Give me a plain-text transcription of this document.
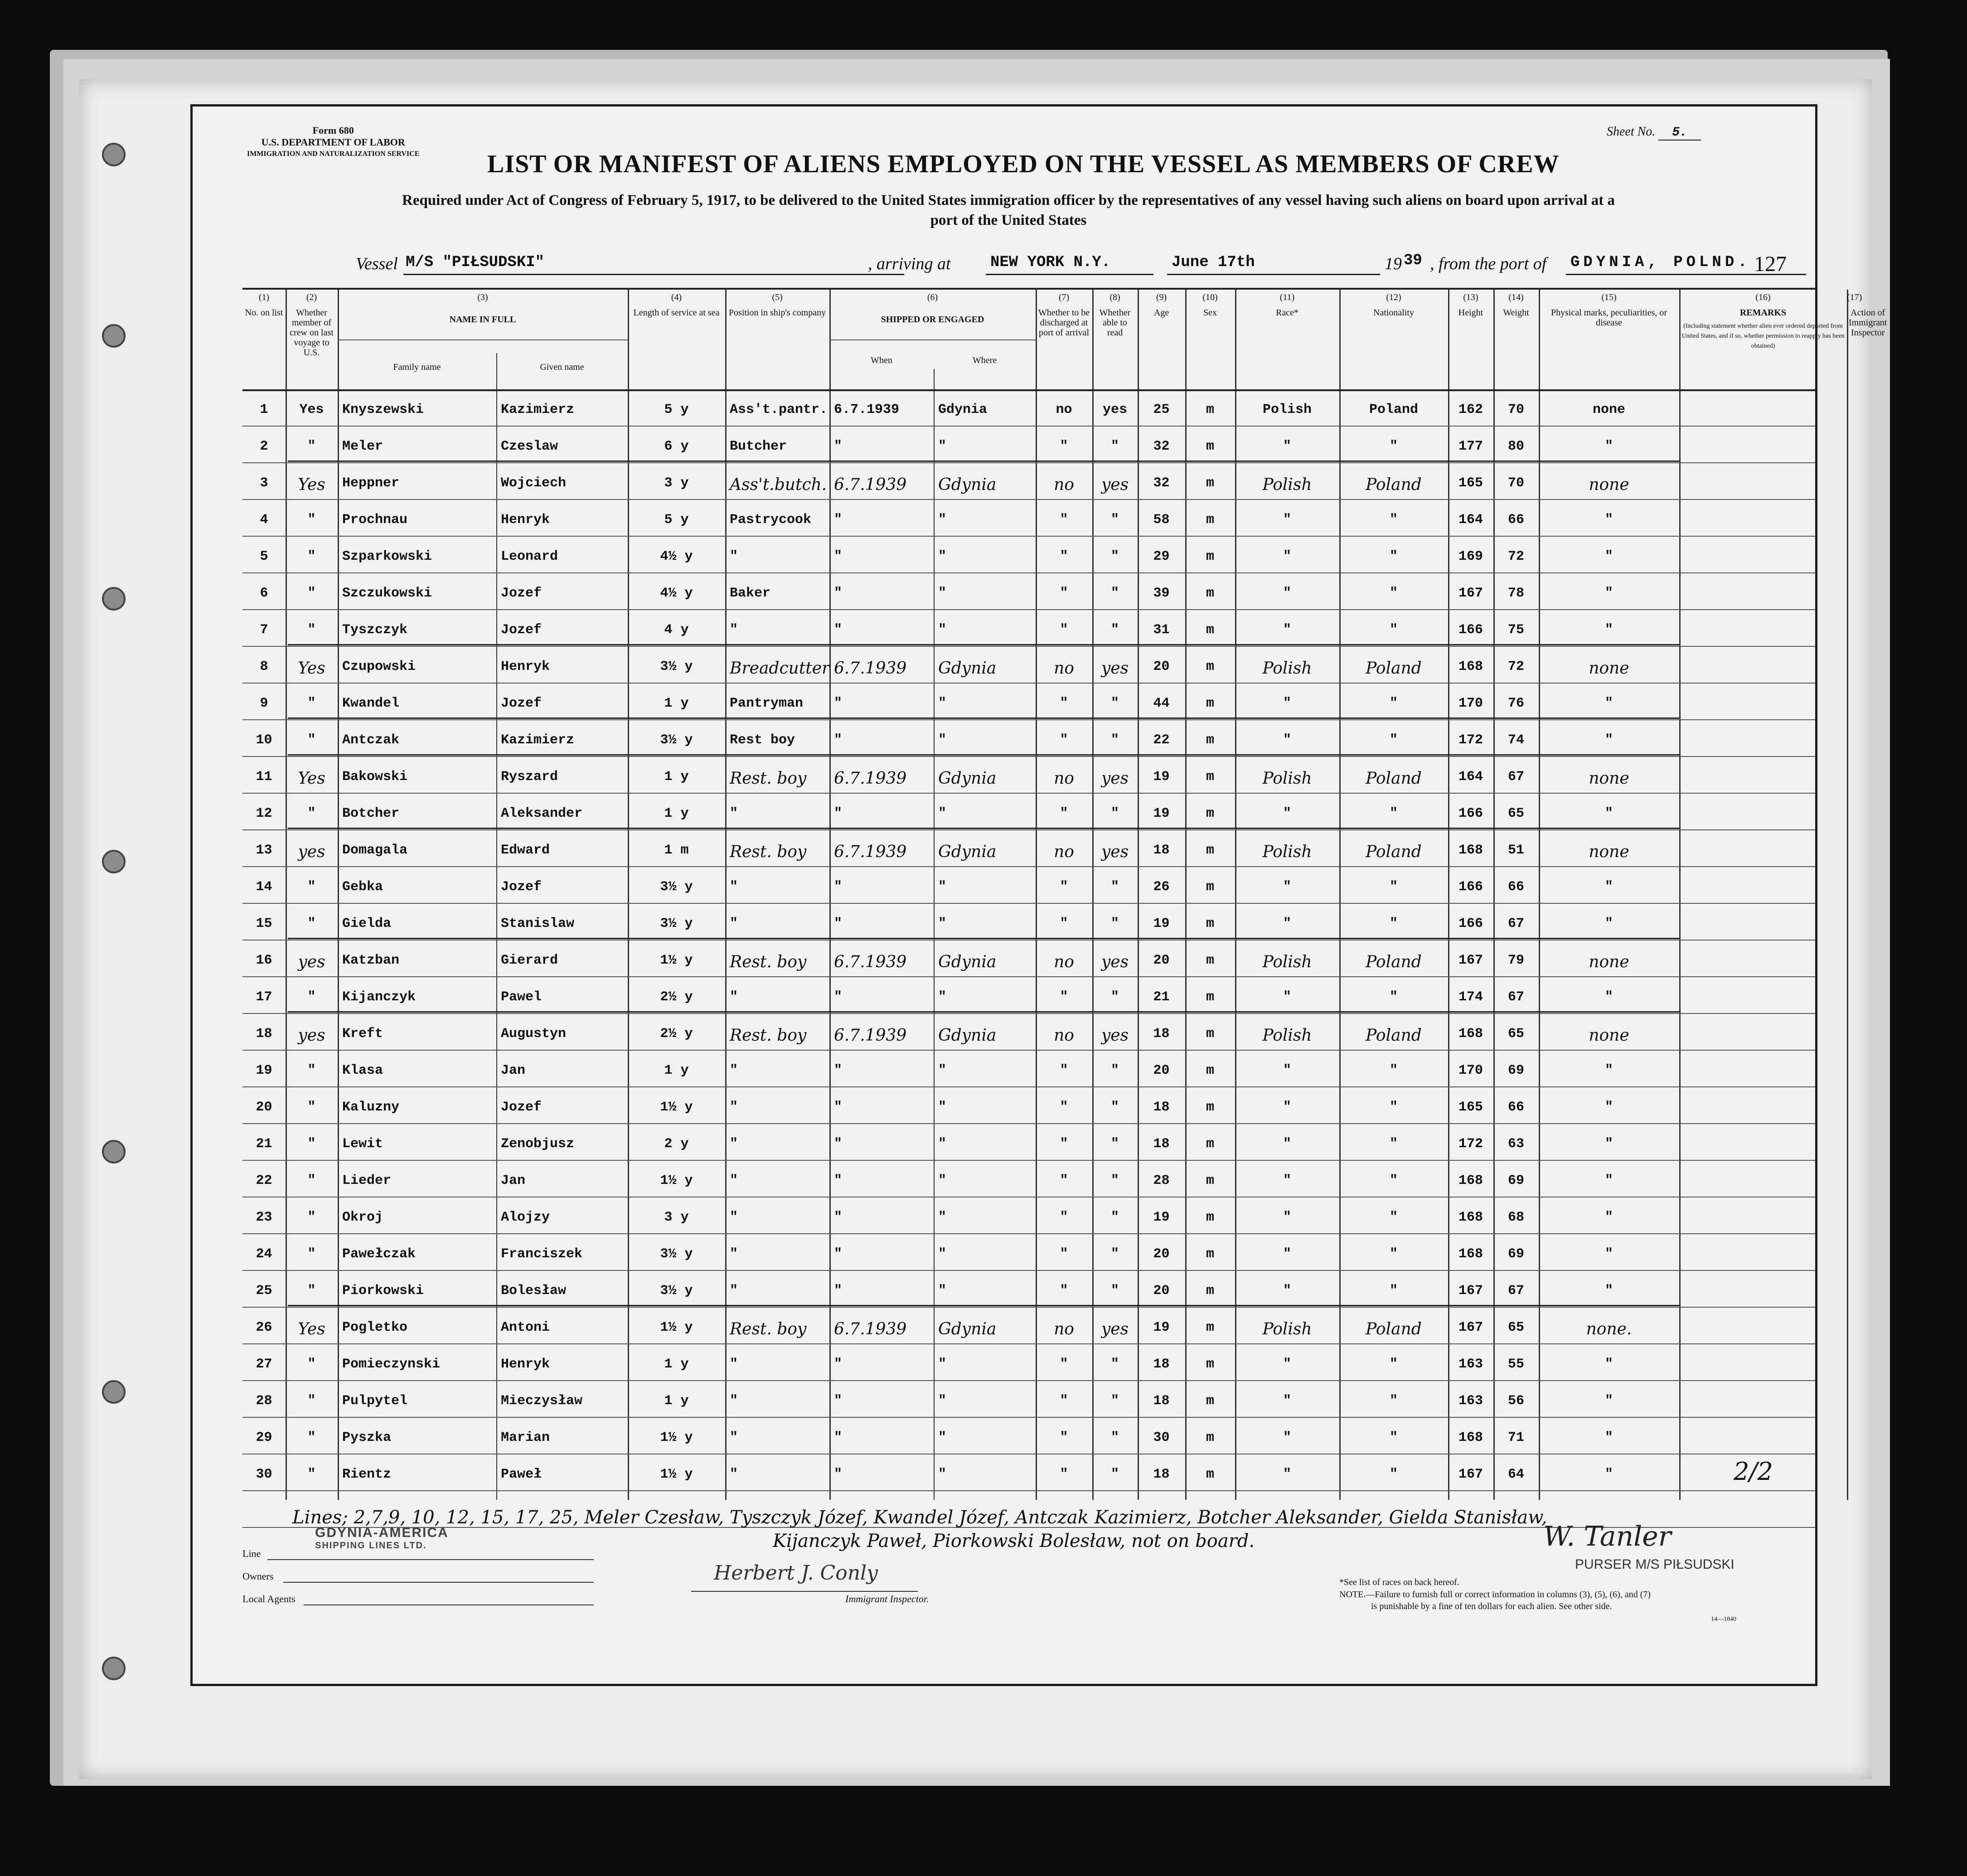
Form 680
U.S. DEPARTMENT OF LABOR
IMMIGRATION AND NATURALIZATION SERVICE
Sheet No. 5.
LIST OR MANIFEST OF ALIENS EMPLOYED ON THE VESSEL AS MEMBERS OF CREW
Required under Act of Congress of February 5, 1917, to be delivered to the United States immigration officer by the representatives of any vessel having such aliens on board upon arrival at a
port of the United States
Vessel M/S "PIŁSUDSKI"	, arriving at	NEW YORK N.Y.	June 17th	19 39 , from the port of GDYNIA, POLND. 127
(1)
No. on list
(2)
Whether member of crew on last voyage to U.S.
(3)
NAME IN FULL
(4)
Length of service at sea
(5)
Position in ship's company
(6)
SHIPPED OR ENGAGED
(7)
Whether to be discharged at port of arrival
(8)
Whether able to read
(9)
Age
(10)
Sex
(11)
Race*
(12)
Nationality
(13)
Height
(14)
Weight
(15)
Physical marks, peculiarities, or disease
(16)
REMARKS
(17)
Action of Immigrant Inspector
Family name	Given name
When	Where
(Including statement whether alien ever ordered deported from United States, and if so, whether permission to reapply has been obtained)
1	Yes	Knyszewski	Kazimierz	5 y	Ass't.pantr. 6.7.1939	Gdynia	no	yes	25	m	Polish	Poland	162	70	none
2	"	Meler	Czeslaw	6 y	Butcher	"	"	"	"	32	m	"	"	177	80	"
3	Yes	Heppner	Wojciech	3 y	Ass't.butch. 6.7.1939	Gdynia	no	yes	32	m	Polish	Poland	165	70	none
4	"	Prochnau	Henryk	5 y	Pastrycook	"	"	"	"	58	m	"	"	164	66	"
5	"	Szparkowski	Leonard	4½ y	"	"	"	"	"	29	m	"	"	169	72	"
6	"	Szczukowski	Jozef	4½ y	Baker	"	"	"	"	39	m	"	"	167	78	"
7	"	Tyszczyk	Jozef	4 y	"	"	"	"	"	31	m	"	"	166	75	"
8	Yes	Czupowski	Henryk	3½ y	Breadcutter 6.7.1939	Gdynia	no	yes	20	m	Polish	Poland	168	72	none
9	"	Kwandel	Jozef	1 y	Pantryman	"	"	"	"	44	m	"	"	170	76	"
10	"	Antczak	Kazimierz	3½ y	Rest boy	"	"	"	"	22	m	"	"	172	74	"
11	Yes	Bakowski	Ryszard	1 y	Rest. boy	6.7.1939	Gdynia	no	yes	19	m	Polish	Poland	164	67	none
12	"	Botcher	Aleksander	1 y	"	"	"	"	"	19	m	"	"	166	65	"
13	yes	Domagala	Edward	1 m	Rest. boy	6.7.1939	Gdynia	no	yes	18	m	Polish	Poland	168	51	none
14	"	Gebka	Jozef	3½ y	"	"	"	"	"	26	m	"	"	166	66	"
15	"	Gielda	Stanislaw	3½ y	"	"	"	"	"	19	m	"	"	166	67	"
16	yes	Katzban	Gierard	1½ y	Rest. boy	6.7.1939	Gdynia	no	yes	20	m	Polish	Poland	167	79	none
17	"	Kijanczyk	Pawel	2½ y	"	"	"	"	"	21	m	"	"	174	67	"
18	yes	Kreft	Augustyn	2½ y	Rest. boy	6.7.1939	Gdynia	no	yes	18	m	Polish	Poland	168	65	none
19	"	Klasa	Jan	1 y	"	"	"	"	"	20	m	"	"	170	69	"
20	"	Kaluzny	Jozef	1½ y	"	"	"	"	"	18	m	"	"	165	66	"
21	"	Lewit	Zenobjusz	2 y	"	"	"	"	"	18	m	"	"	172	63	"
22	"	Lieder	Jan	1½ y	"	"	"	"	"	28	m	"	"	168	69	"
23	"	Okroj	Alojzy	3 y	"	"	"	"	"	19	m	"	"	168	68	"
24	"	Pawełczak	Franciszek	3½ y	"	"	"	"	"	20	m	"	"	168	69	"
25	"	Piorkowski	Bolesław	3½ y	"	"	"	"	"	20	m	"	"	167	67	"
26	Yes	Pogletko	Antoni	1½ y	Rest. boy	6.7.1939	Gdynia	no	yes	19	m	Polish	Poland	167	65	none.
27	"	Pomieczynski	Henryk	1 y	"	"	"	"	"	18	m	"	"	163	55	"
28	"	Pulpytel	Mieczysław	1 y	"	"	"	"	"	18	m	"	"	163	56	"
29	"	Pyszka	Marian	1½ y	"	"	"	"	"	30	m	"	"	168	71	"
30	"	Rientz	Paweł	1½ y	"	"	"	"	"	18	m	"	"	167	64	"
Lines; 2,7,9, 10, 12, 15, 17, 25, Meler Czesław, Tyszczyk Józef, Kwandel Józef, Antczak Kazimierz, Botcher Aleksander, Gielda Stanisław,
Kijanczyk Paweł, Piorkowski Bolesław, not on board.
GDYNIA-AMERICA
SHIPPING LINES LTD.
Line
Owners
Local Agents
Herbert J. Conly
Immigrant Inspector.
W. Tanler
PURSER M/S PIŁSUDSKI
2/2
*See list of races on back hereof.
NOTE.—Failure to furnish full or correct information in columns (3), (5), (6), and (7)
is punishable by a fine of ten dollars for each alien. See other side.
14—1840
